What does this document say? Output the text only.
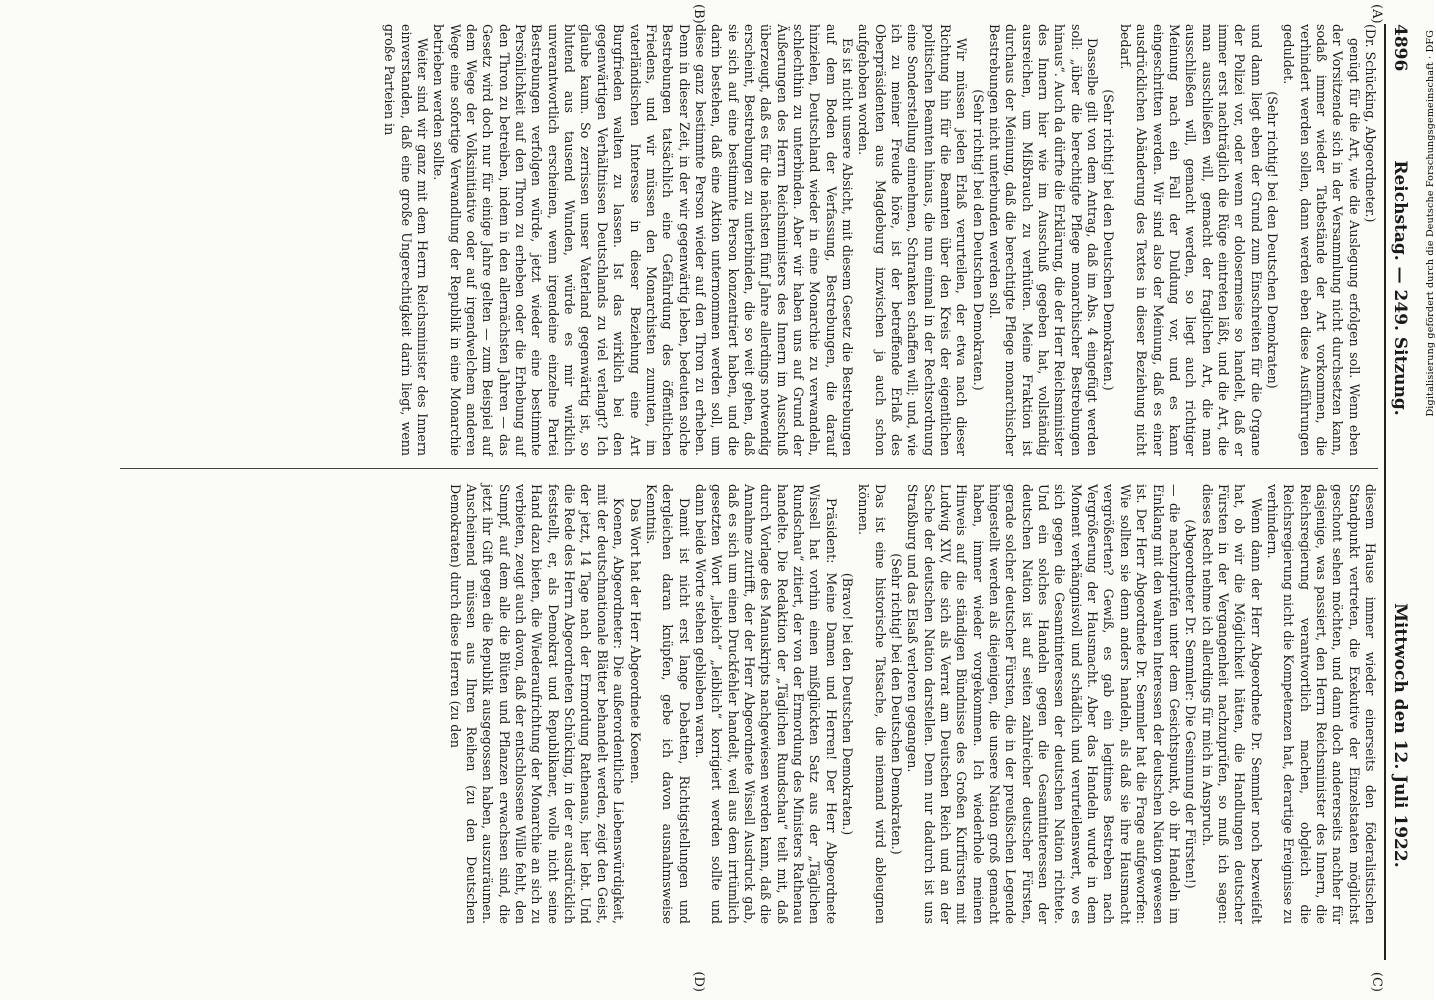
4896
Reichstag. — 249. Sitzung.
Mittwoch den 12. Juli 1922.
(A)
(B)
(C)
(D)

(Dr. Schücking, Abgeordneter.)

genügt für die Art, wie die Auslegung erfolgen soll. Wenn eben der Vorsitzende sich in der Versammlung nicht durchsetzen kann, sodaß immer wieder Tatbestände der Art vorkommen, die verhindert werden sollen, dann werden eben diese Ausführungen geduldet.

(Sehr richtig! bei den Deutschen Demokraten)

und dann liegt eben der Grund zum Einschreiten für die Organe der Polizei vor, oder wenn er dolosermeise so handelt, daß er immer erst nachträglich die Rüge eintreten läßt, und die Art, die man ausschließen will, gemacht der fraglichen Art, die man ausschließen will, gemacht werden, so liegt auch richtiger Meinung nach ein Fall der Duldung vor, und es kann eingeschritten werden. Wir sind also der Meinung, daß es einer ausdrücklichen Abänderung des Textes in dieser Beziehung nicht bedarf.

(Sehr richtig! bei den Deutschen Demokraten.)

Dasselbe gilt von dem Antrag, daß im Abs. 4 eingefügt werden soll: „über die berechtigte Pflege monarchischer Bestrebungen hinaus“. Auch da dürfte die Erklärung, die der Herr Reichsminister des Innern hier wie im Ausschuß gegeben hat, vollständig ausreichen, um Mißbrauch zu verhüten. Meine Fraktion ist durchaus der Meinung, daß die berechtigte Pflege monarchischer Bestrebungen nicht unterbunden werden soll.

(Sehr richtig! bei den Deutschen Demokraten.)

Wir müssen jeden Erlaß verurteilen, der etwa nach dieser Richtung hin für die Beamten über den Kreis der eigentlichen politischen Beamten hinaus, die nun einmal in der Rechtsordnung eine Sonderstellung einnehmen, Schranken schaffen will; und, wie ich zu meiner Freude höre, ist der betreffende Erlaß des Oberpräsidenten aus Magdeburg inzwischen ja auch schon aufgehoben worden.

Es ist nicht unsere Absicht, mit diesem Gesetz die Bestrebungen auf dem Boden der Verfassung, Bestrebungen, die darauf hinzielen, Deutschland wieder in eine Monarchie zu verwandeln, schlechthin zu unterbinden. Aber wir haben uns auf Grund der Äußerungen des Herrn Reichsministers des Innern im Ausschuß überzeugt, daß es für die nächsten fünf Jahre allerdings notwendig erscheint, Bestrebungen zu unterbinden, die so weit gehen, daß sie sich auf eine bestimmte Person konzentriert haben, und die darin bestehen, daß eine Aktion unternommen werden soll, um diese ganz bestimmte Person wieder auf den Thron zu erheben. Denn in dieser Zeit, in der wir gegenwärtig leben, bedeuten solche Bestrebungen tatsächlich eine Gefährdung des öffentlichen Friedens, und wir müssen den Monarchisten zumuten, im vaterländischen Interesse in dieser Beziehung eine Art Burgfrieden walten zu lassen. Ist das wirklich bei den gegenwärtigen Verhältnissen Deutschlands zu viel verlangt? Ich glaube kaum. So zerrissen unser Vaterland gegenwärtig ist, so blutend aus tausend Wunden, würde es mir wirklich unverantwortlich erscheinen, wenn irgendeine einzelne Partei Bestrebungen verfolgen würde, jetzt wieder eine bestimmte Persönlichkeit auf den Thron zu erheben oder die Erhebung auf den Thron zu betreiben, indem in den allernächsten Jahren — das Gesetz wird doch nur für einige Jahre gelten — zum Beispiel auf dem Wege der Volksinitiative oder auf irgendwelchem anderen Wege eine sofortige Verwandlung der Republik in eine Monarchie betrieben werden sollte.

Weiter sind wir ganz mit dem Herrn Reichsminister des Innern einverstanden, daß eine große Ungerechtigkeit darin liegt, wenn große Parteien in

diesem Hause immer wieder einerseits den föderalistischen Standpunkt vertreten, die Exekutive der Einzelstaaten möglichst geschont sehen möchten, und dann doch andererseits nachher für dasjenige, was passiert, den Herrn Reichsminister des Innern, die Reichsregierung verantwortlich machen, obgleich die Reichsregierung nicht die Kompetenzen hat, derartige Ereignisse zu verhindern.

Wenn dann der Herr Abgeordnete Dr. Semmler noch bezweifelt hat, ob wir die Möglichkeit hätten, die Handlungen deutscher Fürsten in der Vergangenheit nachzuprüfen, so muß ich sagen: dieses Recht nehme ich allerdings für mich in Anspruch.

(Abgeordneter Dr. Semmler: Die Gesinnung der Fürsten!)

— die nachzuprüfen unter dem Gesichtspunkt, ob ihr Handeln im Einklang mit den wahren Interessen der deutschen Nation gewesen ist. Der Herr Abgeordnete Dr. Semmler hat die Frage aufgeworfen: Wie sollten sie denn anders handeln, als daß sie ihre Hausmacht vergrößerten? Gewiß, es gab ein legitimes Bestreben nach Vergrößerung der Hausmacht. Aber das Handeln wurde in dem Moment verhängnisvoll und schädlich und verurteilenswert, wo es sich gegen die Gesamtinteressen der deutschen Nation richtete. Und ein solches Handeln gegen die Gesamtinteressen der deutschen Nation ist auf seiten zahlreicher deutscher Fürsten, gerade solcher deutscher Fürsten, die in der preußischen Legende hingestellt werden als diejenigen, die unsere Nation groß gemacht haben, immer wieder vorgekommen. Ich wiederhole meinen Hinweis auf die ständigen Bündnisse des Großen Kurfürsten mit Ludwig XIV, die sich als Verrat am Deutschen Reich und an der Sache der deutschen Nation darstellen. Denn nur dadurch ist uns Straßburg und das Elsaß verloren gegangen.

(Sehr richtig! bei den Deutschen Demokraten.)

Das ist eine historische Tatsache, die niemand wird ableugnen können.

(Bravo! bei den Deutschen Demokraten.)

Präsident: Meine Damen und Herren! Der Herr Abgeordnete Wissell hat vorhin einen mißglückten Satz aus der „Täglichen Rundschau“ zitiert, der von der Ermordung des Ministers Rathenau handelte. Die Redaktion der „Täglichen Rundschau“ teilt mit, daß durch Vorlage des Manuskripts nachgewiesen werden kann, daß die Annahme zutrifft, der der Herr Abgeordnete Wissell Ausdruck gab, daß es sich um einen Druckfehler handelt, weil aus dem irrtümlich gesetzten Wort „liebich“ „leiblich“ korrigiert werden sollte und dann beide Worte stehen geblieben waren.

Damit ist nicht erst lange Debatten, Richtigstellungen und dergleichen daran knüpfen, gebe ich davon ausnahmsweise Kenntnis.

Das Wort hat der Herr Abgeordnete Koenen.

Koenen, Abgeordneter: Die außerordentliche Liebenswürdigkeit, mit der deutschnationale Blätter behandelt werden, zeigt den Geist, der jetzt, 14 Tage nach der Ermordung Rathenaus, hier lebt. Und die Rede des Herrn Abgeordneten Schücking, in der er ausdrücklich feststellt, er, als Demokrat und Republikaner, wolle nicht seine Hand dazu bieten, die Wiederaufrichtung der Monarchie an sich zu verbieten, zeugt auch davon, daß der entschlossene Wille fehlt, den Sumpf, auf dem alle die Blüten und Pflanzen erwachsen sind, die jetzt ihr Gift gegen die Republik ausgegossen haben, auszuräumen. Anscheinend müssen aus Ihren Reihen (zu den Deutschen Demokraten) durch diese Herren (zu den

Digitalisierung gefördert durch die Deutsche Forschungsgemeinschaft · DFG
